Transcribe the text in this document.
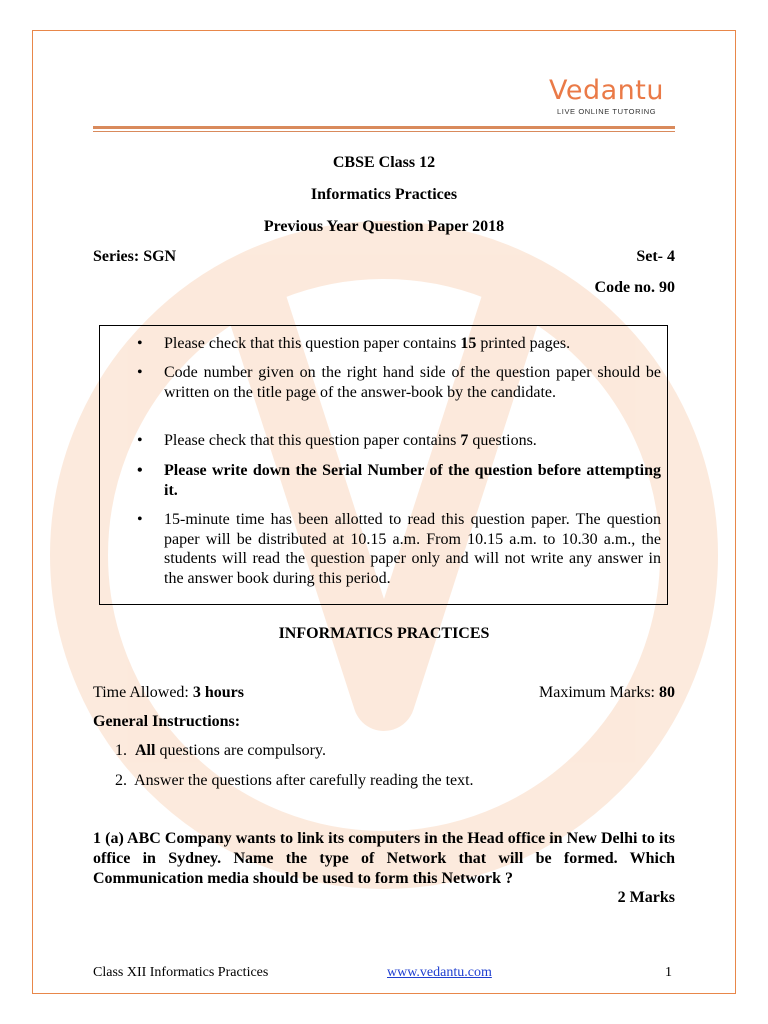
Vedantu
LIVE ONLINE TUTORING
CBSE Class 12
Informatics Practices
Previous Year Question Paper 2018
Series: SGN	Set- 4
Code no. 90
• Please check that this question paper contains 15 printed pages.
• Code number given on the right hand side of the question paper should be written on the title page of the answer-book by the candidate.
• Please check that this question paper contains 7 questions.
• Please write down the Serial Number of the question before attempting it.
• 15-minute time has been allotted to read this question paper. The question paper will be distributed at 10.15 a.m. From 10.15 a.m. to 10.30 a.m., the students will read the question paper only and will not write any answer in the answer book during this period.
INFORMATICS PRACTICES
Time Allowed: 3 hours	Maximum Marks: 80
General Instructions:
1. All questions are compulsory.
2. Answer the questions after carefully reading the text.
1 (a) ABC Company wants to link its computers in the Head office in New Delhi to its office in Sydney. Name the type of Network that will be formed. Which Communication media should be used to form this Network ?
2 Marks
Class XII Informatics Practices	www.vedantu.com	1
